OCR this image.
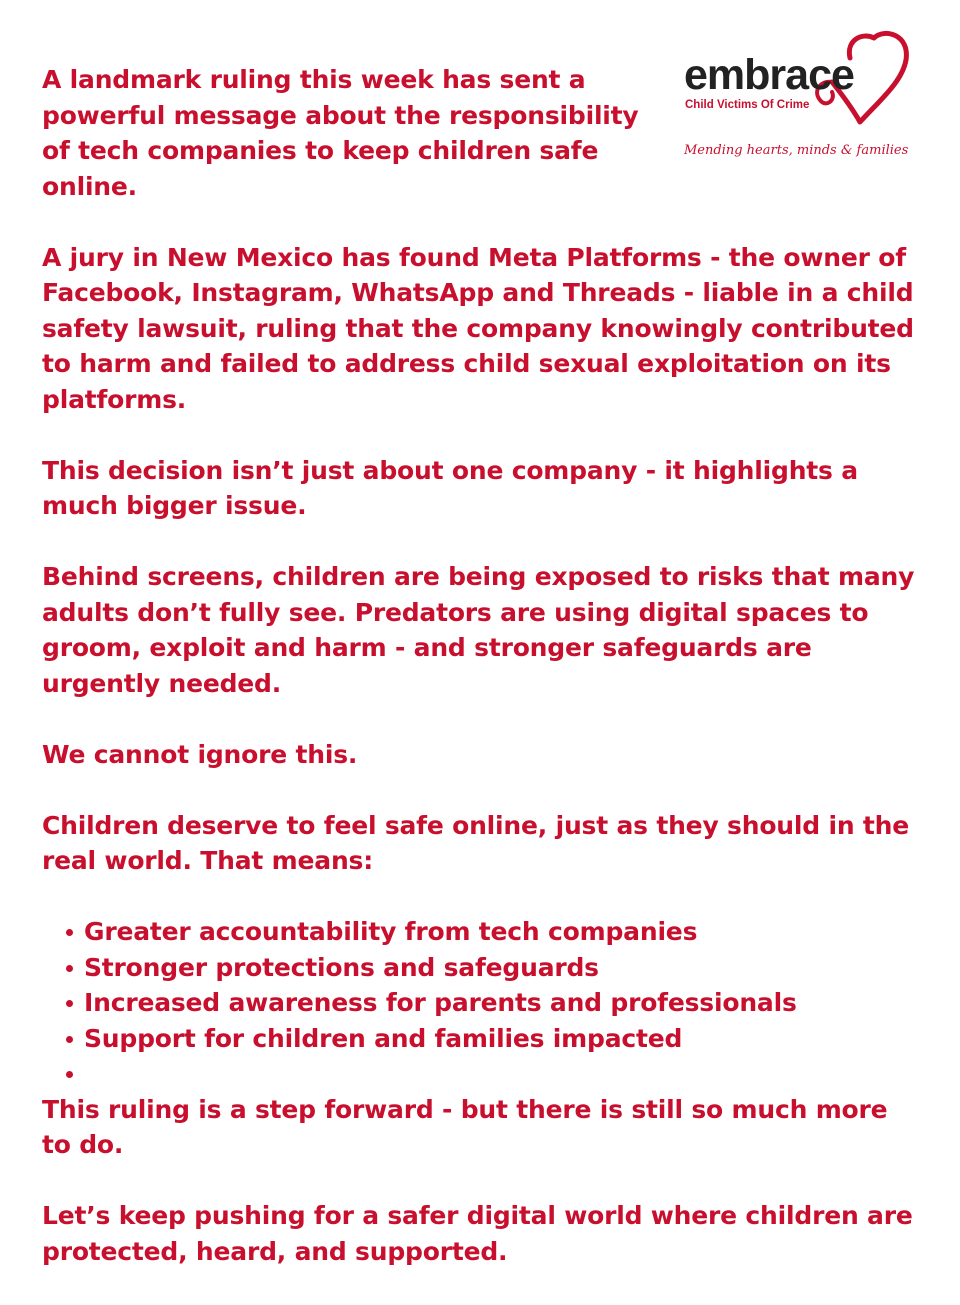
embrace
Child Victims Of Crime
Mending hearts, minds & families

A landmark ruling this week has sent a powerful message about the responsibility of tech companies to keep children safe online.

A jury in New Mexico has found Meta Platforms - the owner of Facebook, Instagram, WhatsApp and Threads - liable in a child safety lawsuit, ruling that the company knowingly contributed to harm and failed to address child sexual exploitation on its platforms.

This decision isn’t just about one company - it highlights a much bigger issue.

Behind screens, children are being exposed to risks that many adults don’t fully see. Predators are using digital spaces to groom, exploit and harm - and stronger safeguards are urgently needed.

We cannot ignore this.

Children deserve to feel safe online, just as they should in the real world. That means:

Greater accountability from tech companies
Stronger protections and safeguards
Increased awareness for parents and professionals
Support for children and families impacted

This ruling is a step forward - but there is still so much more to do.

Let’s keep pushing for a safer digital world where children are protected, heard, and supported.
